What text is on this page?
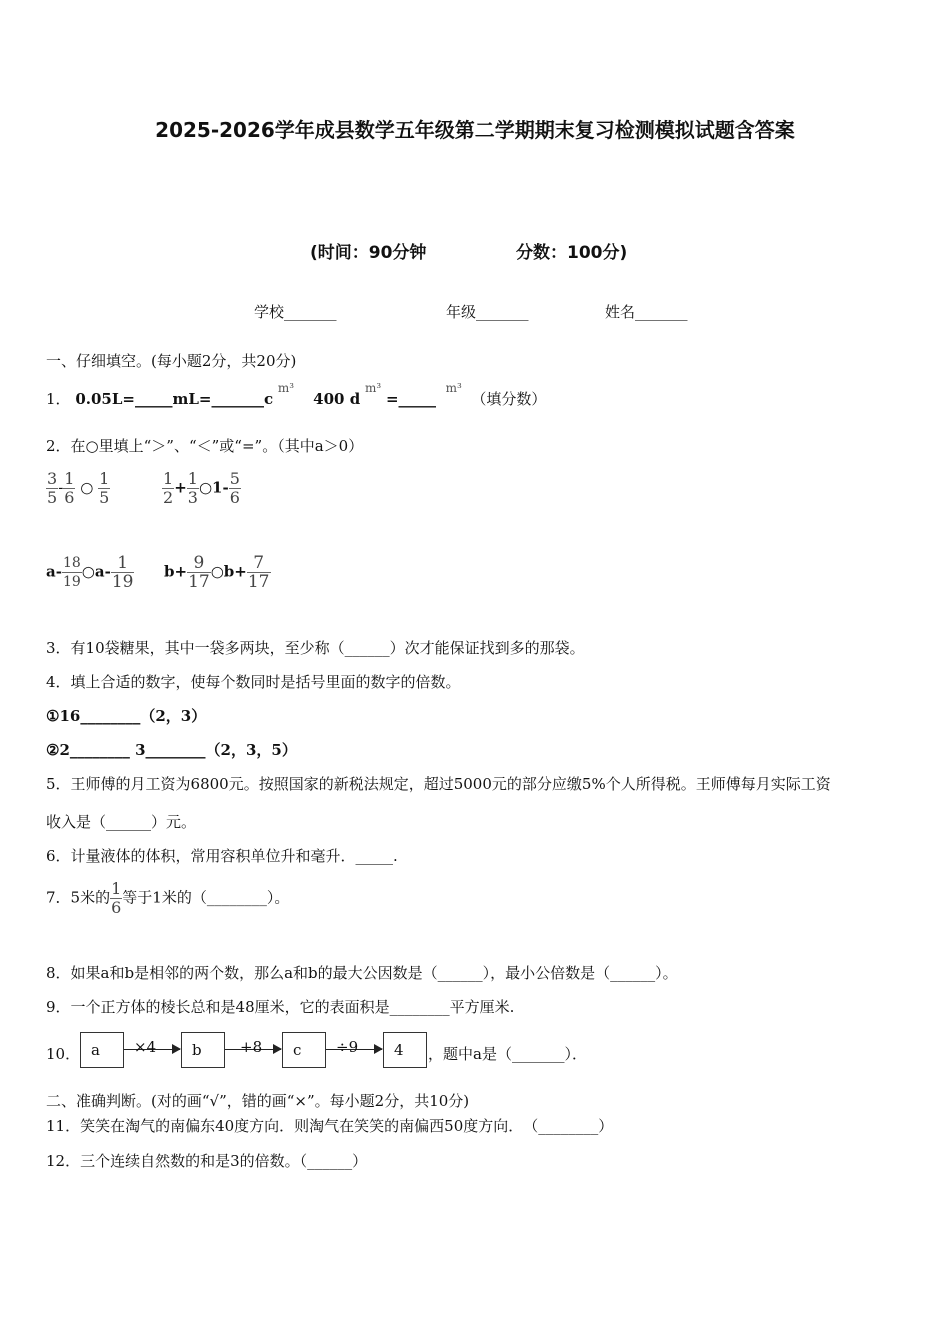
2025-2026学年成县数学五年级第二学期期末复习检测模拟试题含答案
(时间：90分钟	分数：100分)
学校_______	年级_______	姓名_______
一、仔细填空。(每小题2分，共20分)
1． 0.05L=_____mL=_______c $^{m^3}$    400 d $^{m^3}$ =_____  $^{m^3}$  （填分数）
2．在○里填上“＞”、“＜”或“=”。（其中a＞0）
$\frac{3}{5} - \frac{1}{6}$ ○ $\frac{1}{5}$	$\frac{1}{2} + \frac{1}{3}$ ○1- $\frac{5}{6}$
$a- \frac{18}{19}$ ○a- $\frac{1}{19} b+ \frac{9}{17}$ ○b+ $\frac{7}{17}$
3．有10袋糖果，其中一袋多两块，至少称（______）次才能保证找到多的那袋。
4．填上合适的数字，使每个数同时是括号里面的数字的倍数。
①16________（2，3）
②2________ 3________（2，3，5）
5．王师傅的月工资为6800元。按照国家的新税法规定，超过5000元的部分应缴5%个人所得税。王师傅每月实际工资
收入是（______）元。
6．计量液体的体积，常用容积单位升和毫升．_____.
7．5米的 $\frac{1}{6}$ 等于1米的（________）。
8．如果a和b是相邻的两个数，那么a和b的最大公因数是（______），最小公倍数是（______）。
9．一个正方体的棱长总和是48厘米，它的表面积是________平方厘米.
10． a	×4	b	+8	c	÷9	4	，题中a是（_______）．
二、准确判断。(对的画“√”，错的画“×”。每小题2分，共10分)
11．笑笑在淘气的南偏东40度方向．则淘气在笑笑的南偏西50度方向．　（________）
12．三个连续自然数的和是3的倍数。（______）
